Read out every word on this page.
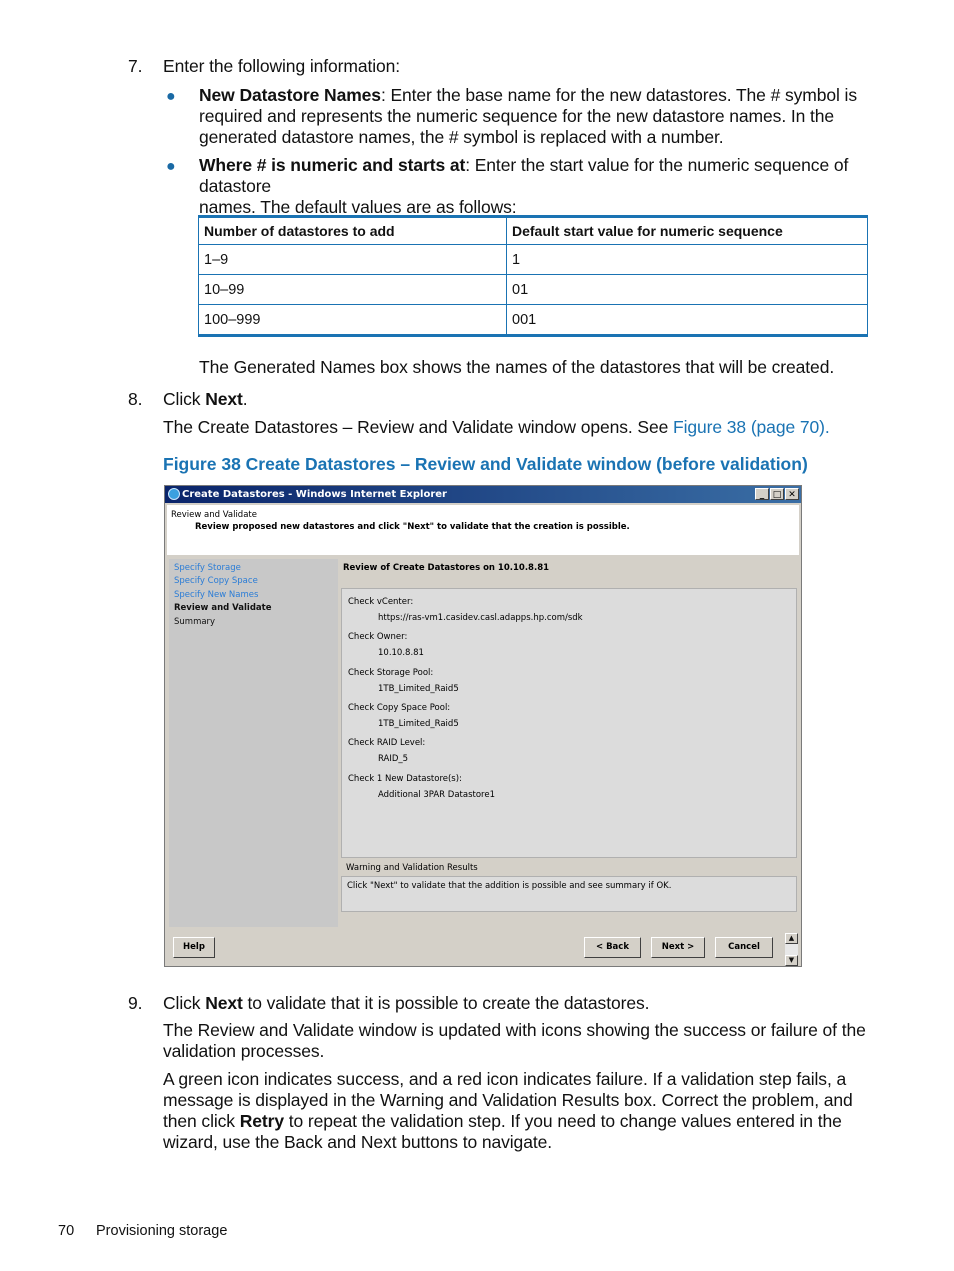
7. Enter the following information:
● New Datastore Names: Enter the base name for the new datastores. The # symbol is
required and represents the numeric sequence for the new datastore names. In the
generated datastore names, the # symbol is replaced with a number.
● Where # is numeric and starts at: Enter the start value for the numeric sequence of datastore
names. The default values are as follows:
Number of datastores to add	Default start value for numeric sequence
1–9	1
10–99	01
100–999	001
The Generated Names box shows the names of the datastores that will be created.
8. Click Next.
The Create Datastores – Review and Validate window opens. See Figure 38 (page 70).
Figure 38 Create Datastores – Review and Validate window (before validation)
Create Datastores - Windows Internet Explorer	_ □ ✕
Review and Validate
Review proposed new datastores and click "Next" to validate that the creation is possible.
Specify Storage
Specify Copy Space
Specify New Names
Review and Validate
Summary
Review of Create Datastores on 10.10.8.81
Check vCenter:
https://ras-vm1.casidev.casl.adapps.hp.com/sdk
Check Owner:
10.10.8.81
Check Storage Pool:
1TB_Limited_Raid5
Check Copy Space Pool:
1TB_Limited_Raid5
Check RAID Level:
RAID_5
Check 1 New Datastore(s):
Additional 3PAR Datastore1
Warning and Validation Results
Click "Next" to validate that the addition is possible and see summary if OK.
Help	< Back	Next >	Cancel
▲
▼
9. Click Next to validate that it is possible to create the datastores.
The Review and Validate window is updated with icons showing the success or failure of the
validation processes.
A green icon indicates success, and a red icon indicates failure. If a validation step fails, a
message is displayed in the Warning and Validation Results box. Correct the problem, and
then click Retry to repeat the validation step. If you need to change values entered in the
wizard, use the Back and Next buttons to navigate.
70 Provisioning storage
